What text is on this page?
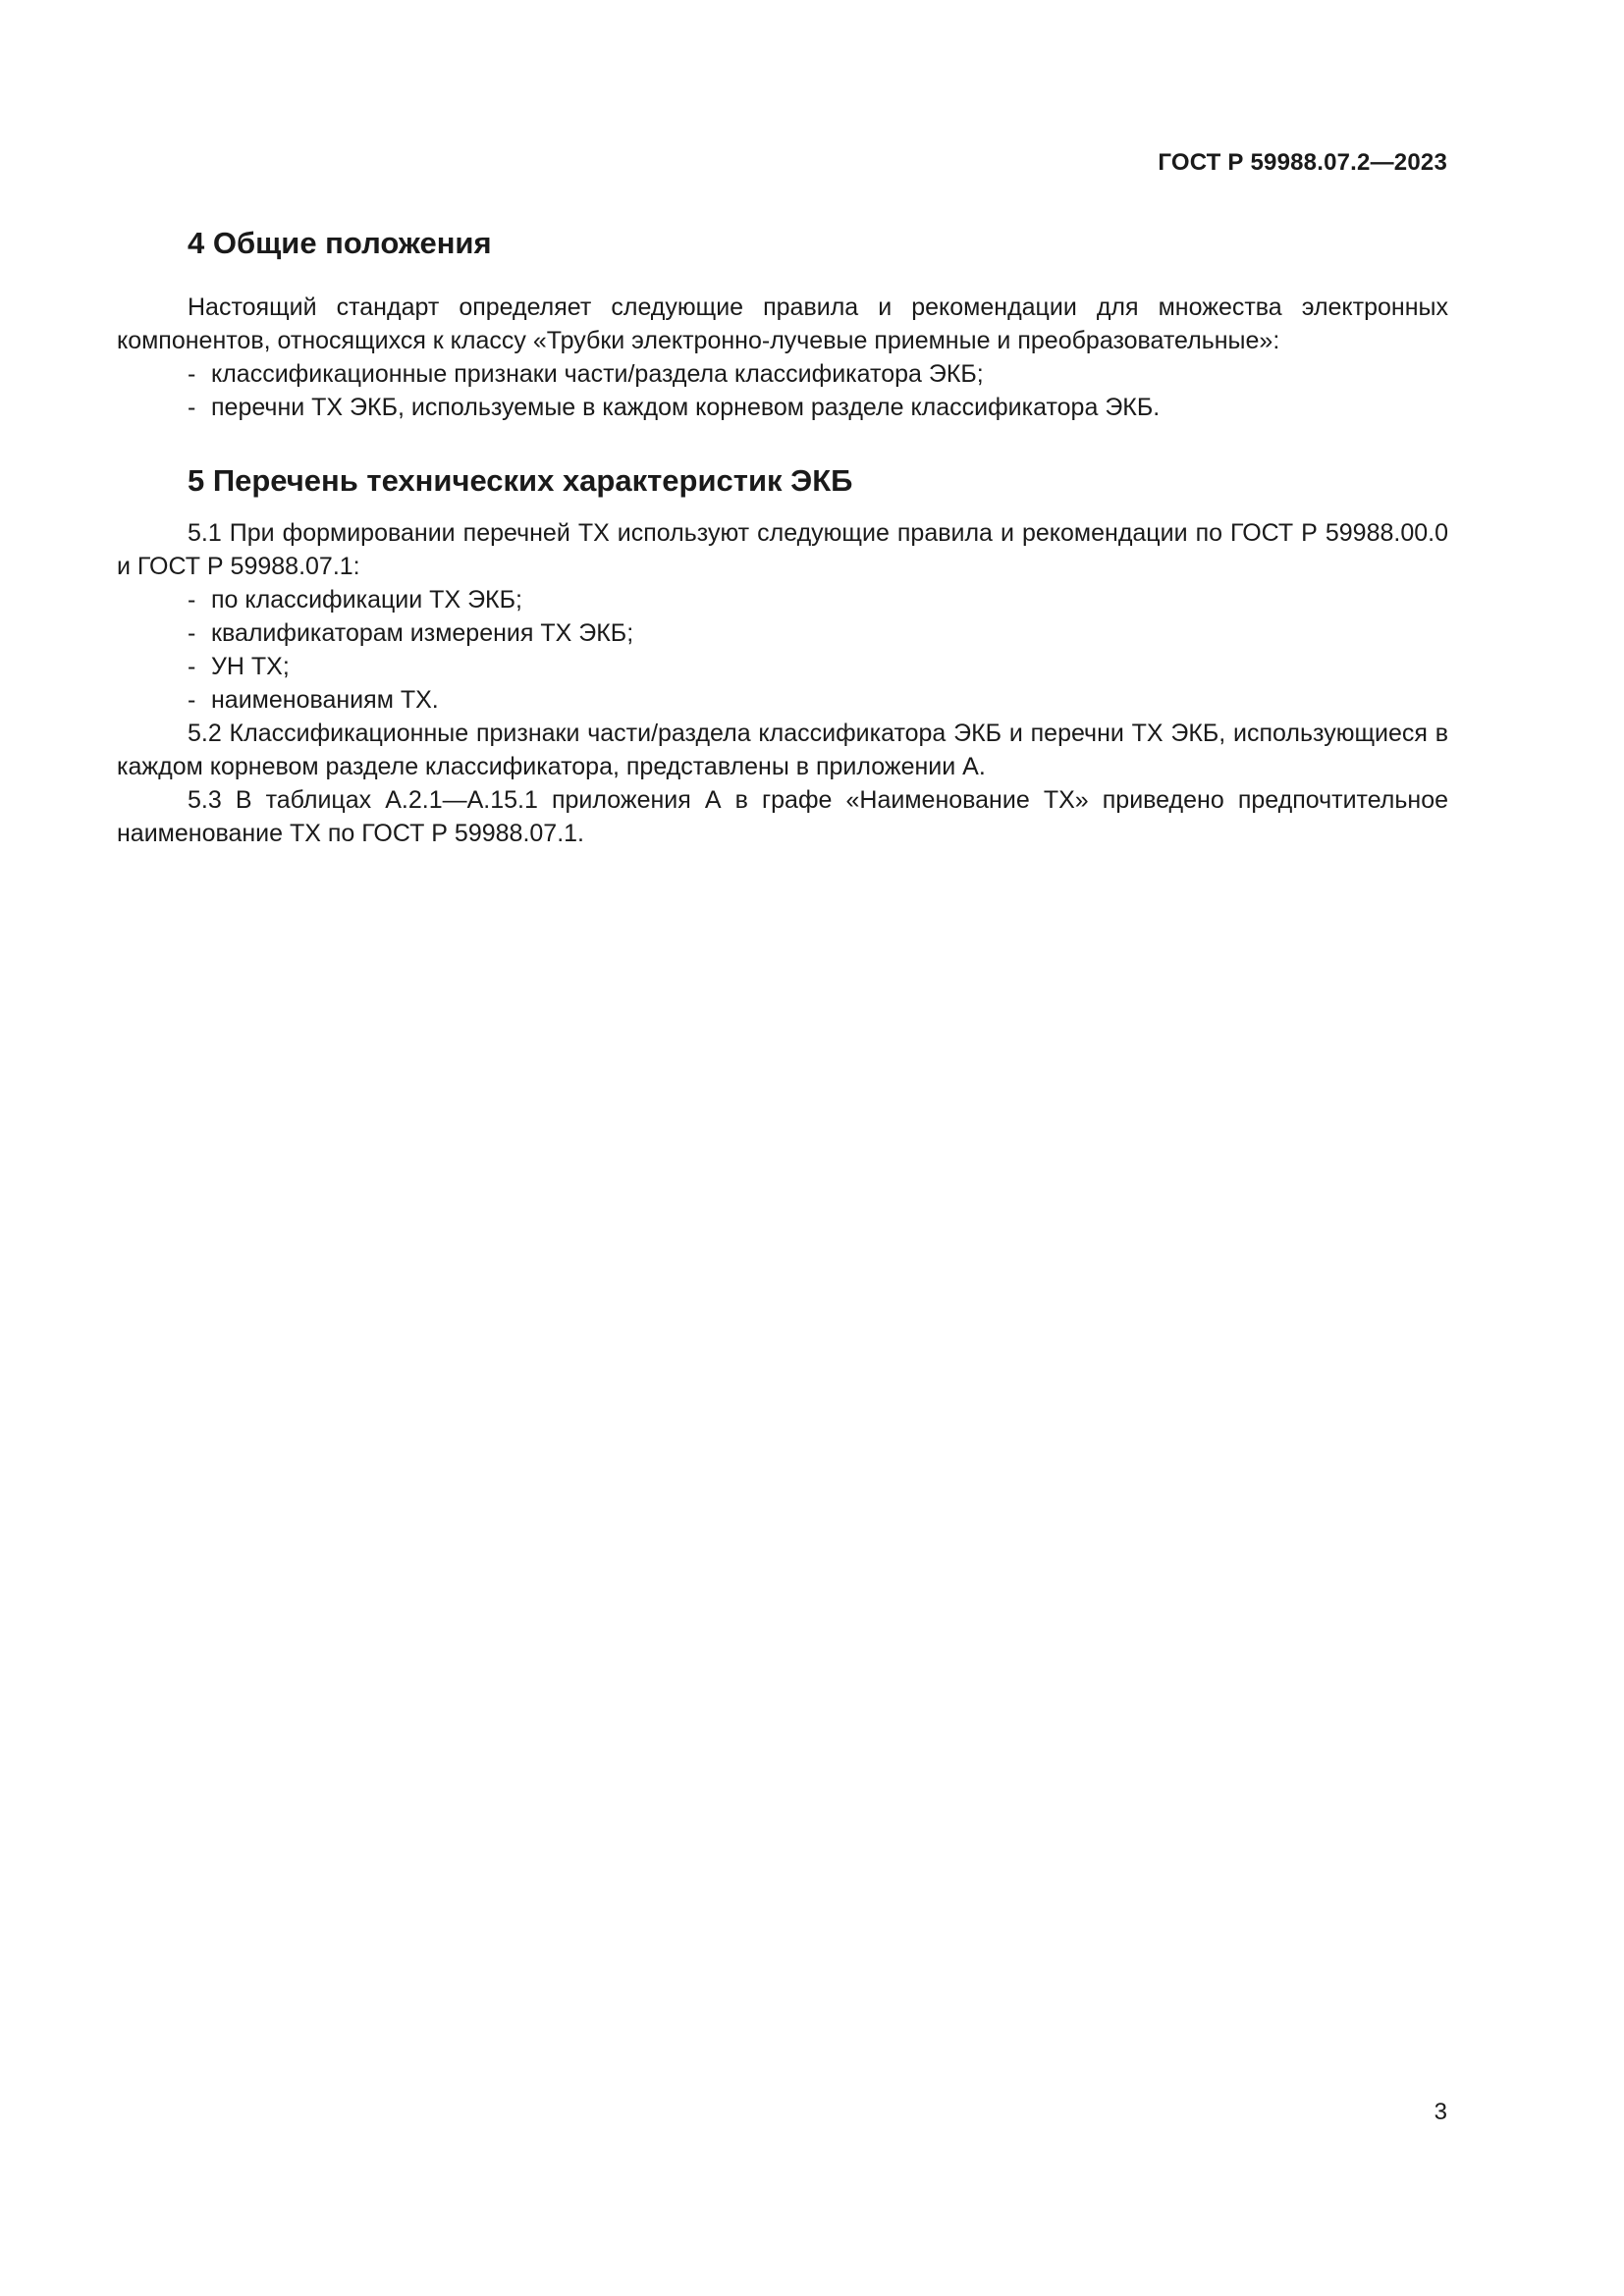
ГОСТ Р 59988.07.2—2023
4 Общие положения

Настоящий стандарт определяет следующие правила и рекомендации для множества электронных компонентов, относящихся к классу «Трубки электронно-лучевые приемные и преобразовательные»:

- классификационные признаки части/раздела классификатора ЭКБ;
- перечни ТХ ЭКБ, используемые в каждом корневом разделе классификатора ЭКБ.
5 Перечень технических характеристик ЭКБ

5.1 При формировании перечней ТХ используют следующие правила и рекомендации по ГОСТ Р 59988.00.0 и ГОСТ Р 59988.07.1:

- по классификации ТХ ЭКБ;
- квалификаторам измерения ТХ ЭКБ;
- УН ТХ;
- наименованиям ТХ.

5.2 Классификационные признаки части/раздела классификатора ЭКБ и перечни ТХ ЭКБ, использующиеся в каждом корневом разделе классификатора, представлены в приложении А.

5.3 В таблицах А.2.1—А.15.1 приложения А в графе «Наименование ТХ» приведено предпочтительное наименование ТХ по ГОСТ Р 59988.07.1.

3
